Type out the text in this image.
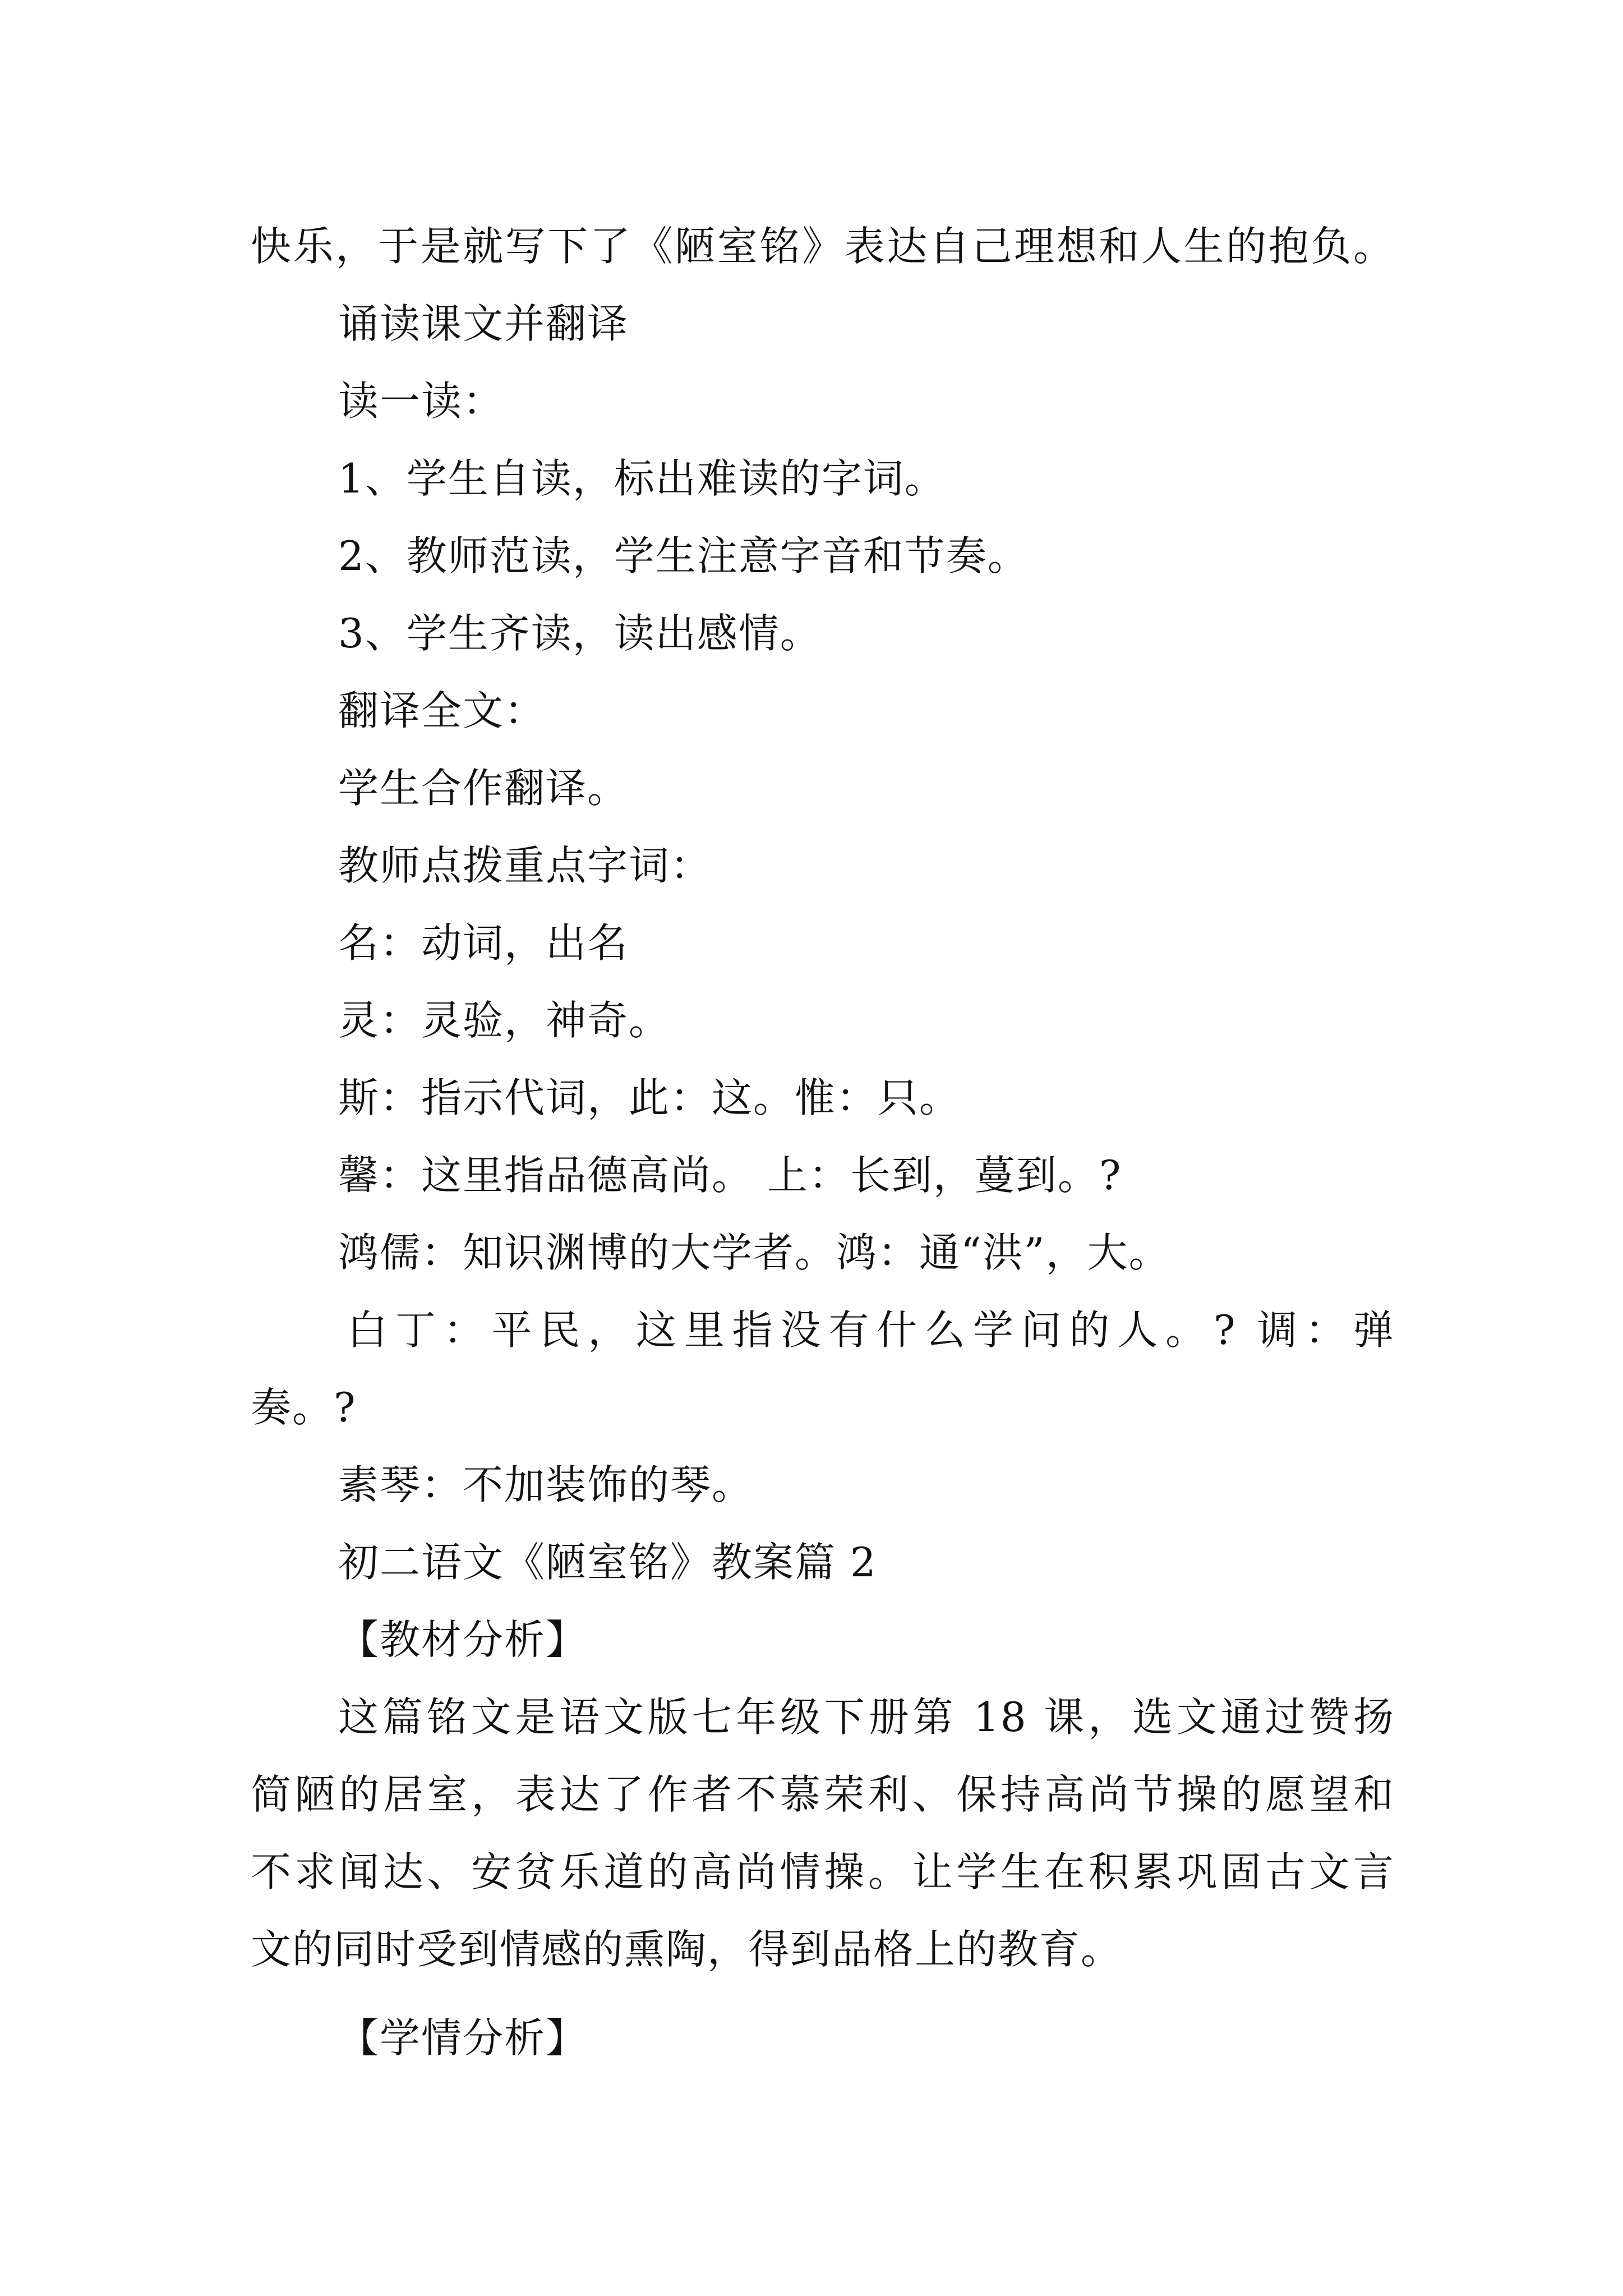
快乐，于是就写下了《陋室铭》表达自己理想和人生的抱负。
诵读课文并翻译
读一读：
1、学生自读，标出难读的字词。
2、教师范读，学生注意字音和节奏。
3、学生齐读，读出感情。
翻译全文：
学生合作翻译。
教师点拨重点字词：
名：动词，出名
灵：灵验，神奇。
斯：指示代词，此：这。惟：只。
馨：这里指品德高尚。 上：长到，蔓到。?
鸿儒：知识渊博的大学者。鸿：通“洪”，大。
白丁：平民，这里指没有什么学问的人。? 调：弹
奏。?
素琴：不加装饰的琴。
初二语文《陋室铭》教案篇 2
【教材分析】
这篇铭文是语文版七年级下册第 18 课，选文通过赞扬
简陋的居室，表达了作者不慕荣利、保持高尚节操的愿望和
不求闻达、安贫乐道的高尚情操。让学生在积累巩固古文言
文的同时受到情感的熏陶，得到品格上的教育。
【学情分析】
